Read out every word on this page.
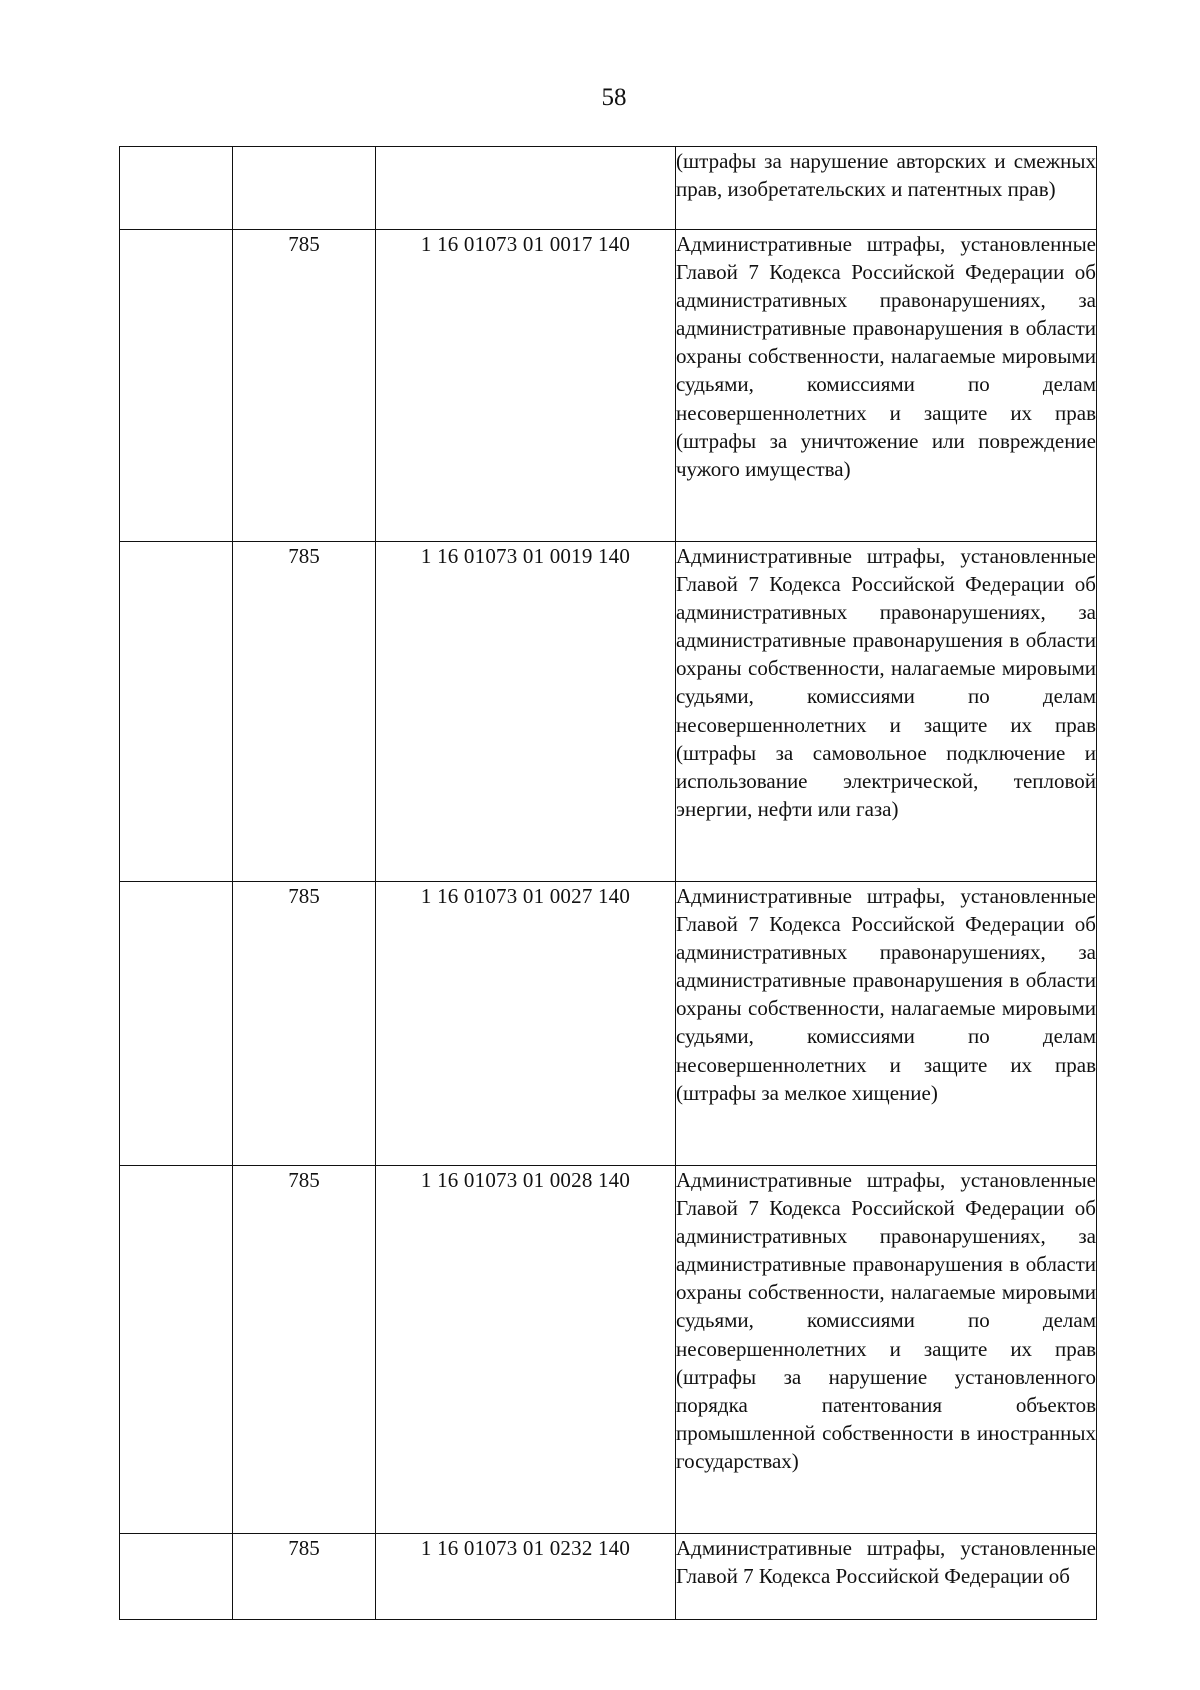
58
			(штрафы за нарушение авторских и смежных прав, изобретательских и патентных прав)
	785	1 16 01073 01 0017 140	Административные штрафы, установленные Главой 7 Кодекса Российской Федерации об административных правонарушениях, за административные правонарушения в области охраны собственности, налагаемые мировыми судьями, комиссиями по делам несовершеннолетних и защите их прав (штрафы за уничтожение или повреждение чужого имущества)
	785	1 16 01073 01 0019 140	Административные штрафы, установленные Главой 7 Кодекса Российской Федерации об административных правонарушениях, за административные правонарушения в области охраны собственности, налагаемые мировыми судьями, комиссиями по делам несовершеннолетних и защите их прав (штрафы за самовольное подключение и использование электрической, тепловой энергии, нефти или газа)
	785	1 16 01073 01 0027 140	Административные штрафы, установленные Главой 7 Кодекса Российской Федерации об административных правонарушениях, за административные правонарушения в области охраны собственности, налагаемые мировыми судьями, комиссиями по делам несовершеннолетних и защите их прав (штрафы за мелкое хищение)
	785	1 16 01073 01 0028 140	Административные штрафы, установленные Главой 7 Кодекса Российской Федерации об административных правонарушениях, за административные правонарушения в области охраны собственности, налагаемые мировыми судьями, комиссиями по делам несовершеннолетних и защите их прав (штрафы за нарушение установленного порядка патентования объектов промышленной собственности в иностранных государствах)
	785	1 16 01073 01 0232 140	Административные штрафы, установленные Главой 7 Кодекса Российской Федерации об
